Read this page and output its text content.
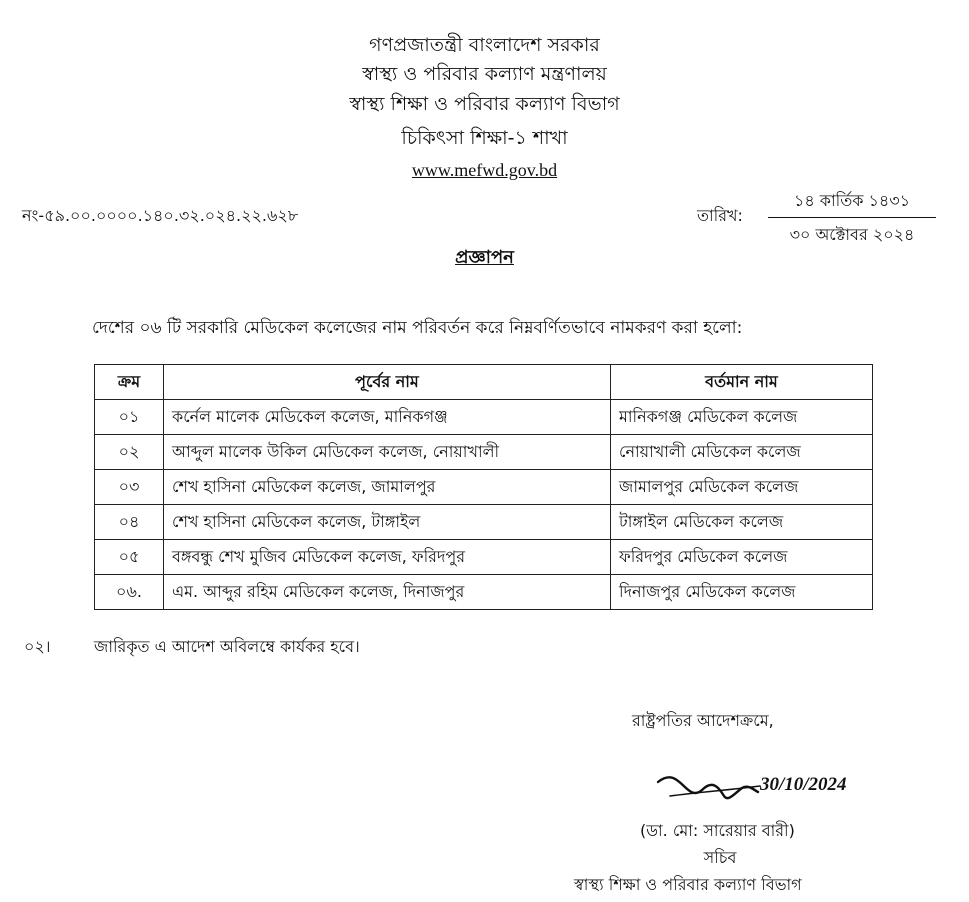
গণপ্রজাতন্ত্রী বাংলাদেশ সরকার
স্বাস্থ্য ও পরিবার কল্যাণ মন্ত্রণালয়
স্বাস্থ্য শিক্ষা ও পরিবার কল্যাণ বিভাগ
চিকিৎসা শিক্ষা-১ শাখা
www.mefwd.gov.bd
নং-৫৯.০০.০০০০.১৪০.৩২.০২৪.২২.৬২৮	তারিখ:
১৪ কার্তিক ১৪৩১
৩০ অক্টোবর ২০২৪
প্রজ্ঞাপন
দেশের ০৬ টি সরকারি মেডিকেল কলেজের নাম পরিবর্তন করে নিম্নবর্ণিতভাবে নামকরণ করা হলো:
ক্রম	পূর্বের নাম	বর্তমান নাম
০১	কর্নেল মালেক মেডিকেল কলেজ, মানিকগঞ্জ	মানিকগঞ্জ মেডিকেল কলেজ
০২	আব্দুল মালেক উকিল মেডিকেল কলেজ, নোয়াখালী	নোয়াখালী মেডিকেল কলেজ
০৩	শেখ হাসিনা মেডিকেল কলেজ, জামালপুর	জামালপুর মেডিকেল কলেজ
০৪	শেখ হাসিনা মেডিকেল কলেজ, টাঙ্গাইল	টাঙ্গাইল মেডিকেল কলেজ
০৫	বঙ্গবন্ধু শেখ মুজিব মেডিকেল কলেজ, ফরিদপুর	ফরিদপুর মেডিকেল কলেজ
০৬.	এম. আব্দুর রহিম মেডিকেল কলেজ, দিনাজপুর	দিনাজপুর মেডিকেল কলেজ
০২।	জারিকৃত এ আদেশ অবিলম্বে কার্যকর হবে।
রাষ্ট্রপতির আদেশক্রমে,
30/10/2024
(ডা. মো: সারেয়ার বারী)
সচিব
স্বাস্থ্য শিক্ষা ও পরিবার কল্যাণ বিভাগ
